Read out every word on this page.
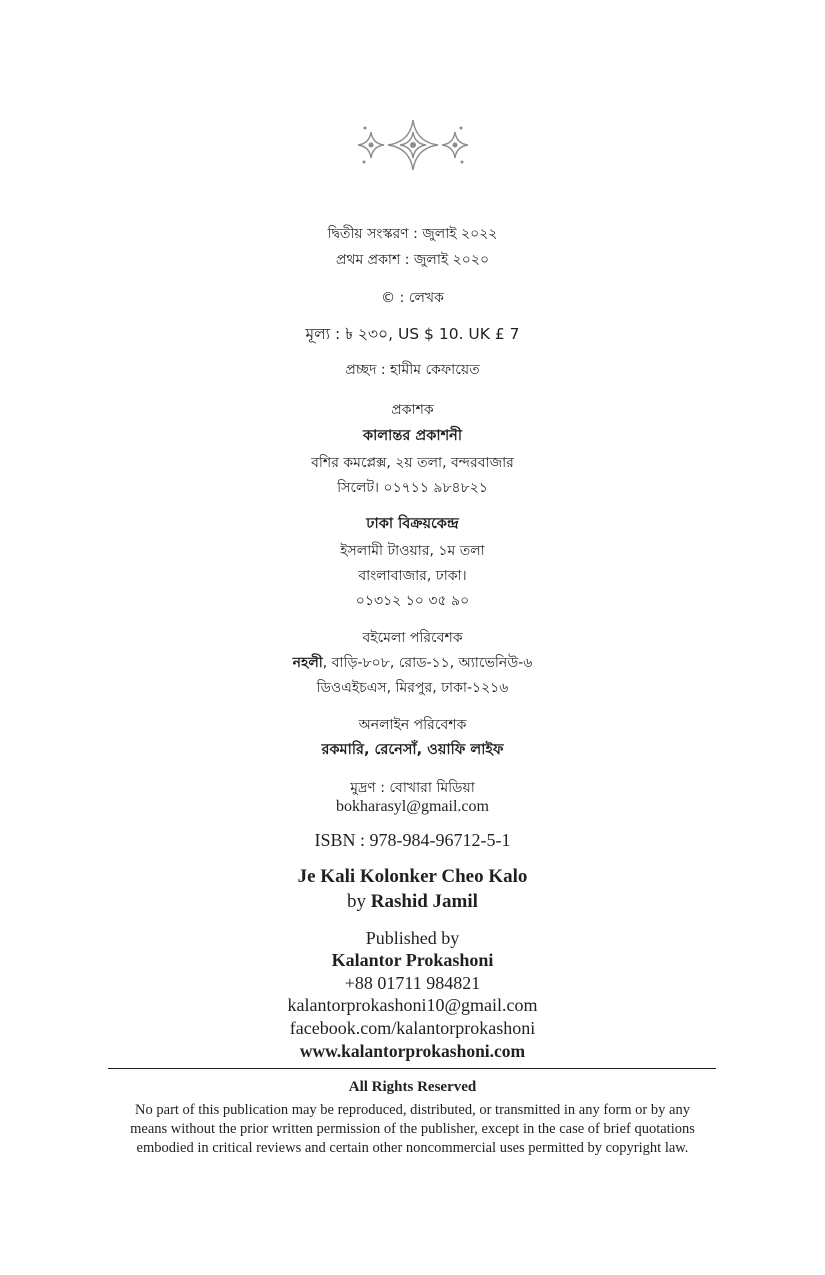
দ্বিতীয় সংস্করণ : জুলাই ২০২২
প্রথম প্রকাশ : জুলাই ২০২০
© : লেখক
মূল্য : ৳ ২৩০, US $ 10. UK £ 7
প্রচ্ছদ : হামীম কেফায়েত
প্রকাশক
কালান্তর প্রকাশনী
বশির কমপ্লেক্স, ২য় তলা, বন্দরবাজার
সিলেট। ০১৭১১ ৯৮৪৮২১
ঢাকা বিক্রয়কেন্দ্র
ইসলামী টাওয়ার, ১ম তলা
বাংলাবাজার, ঢাকা।
০১৩১২ ১০ ৩৫ ৯০
বইমেলা পরিবেশক
নহলী, বাড়ি-৮০৮, রোড-১১, অ্যাভেনিউ-৬
ডিওএইচএস, মিরপুর, ঢাকা-১২১৬
অনলাইন পরিবেশক
রকমারি, রেনেসাঁ, ওয়াফি লাইফ
মুদ্রণ : বোখারা মিডিয়া
bokharasyl@gmail.com
ISBN : 978-984-96712-5-1
Je Kali Kolonker Cheo Kalo
by Rashid Jamil
Published by
Kalantor Prokashoni
+88 01711 984821
kalantorprokashoni10@gmail.com
facebook.com/kalantorprokashoni
www.kalantorprokashoni.com
All Rights Reserved
No part of this publication may be reproduced, distributed, or transmitted in any form or by any
means without the prior written permission of the publisher, except in the case of brief quotations
embodied in critical reviews and certain other noncommercial uses permitted by copyright law.
